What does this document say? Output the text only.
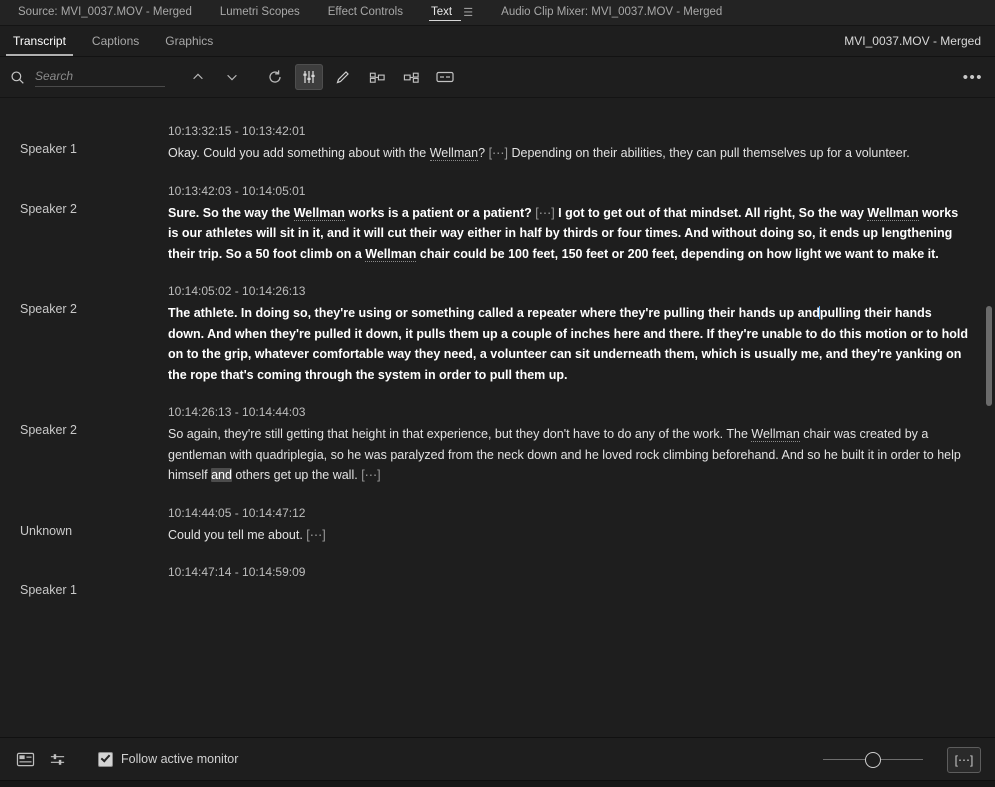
Source: MVI_0037.MOV - Merged	Lumetri Scopes	Effect Controls	Text ☰	Audio Clip Mixer: MVI_0037.MOV - Merged
Transcript	Captions	Graphics	MVI_0037.MOV - Merged
Search
•••
Speaker 1
10:13:32:15 - 10:13:42:01
Okay. Could you add something about with the Wellman? [⋯] Depending on their abilities, they can pull themselves up for a volunteer.
Speaker 2
10:13:42:03 - 10:14:05:01
Sure. So the way the Wellman works is a patient or a patient? [⋯] I got to get out of that mindset. All right, So the way Wellman works is our athletes will sit in it, and it will cut their way either in half by thirds or four times. And without doing so, it ends up lengthening their trip. So a 50 foot climb on a Wellman chair could be 100 feet, 150 feet or 200 feet, depending on how light we want to make it.
Speaker 2
10:14:05:02 - 10:14:26:13
The athlete. In doing so, they're using or something called a repeater where they're pulling their hands up andpulling their hands down. And when they're pulled it down, it pulls them up a couple of inches here and there. If they're unable to do this motion or to hold on to the grip, whatever comfortable way they need, a volunteer can sit underneath them, which is usually me, and they're yanking on the rope that's coming through the system in order to pull them up.
Speaker 2
10:14:26:13 - 10:14:44:03
So again, they're still getting that height in that experience, but they don't have to do any of the work. The Wellman chair was created by a gentleman with quadriplegia, so he was paralyzed from the neck down and he loved rock climbing beforehand. And so he built it in order to help himself and others get up the wall. [⋯]
Unknown
10:14:44:05 - 10:14:47:12
Could you tell me about. [⋯]
Speaker 1
10:14:47:14 - 10:14:59:09
Follow active monitor	[⋯]
